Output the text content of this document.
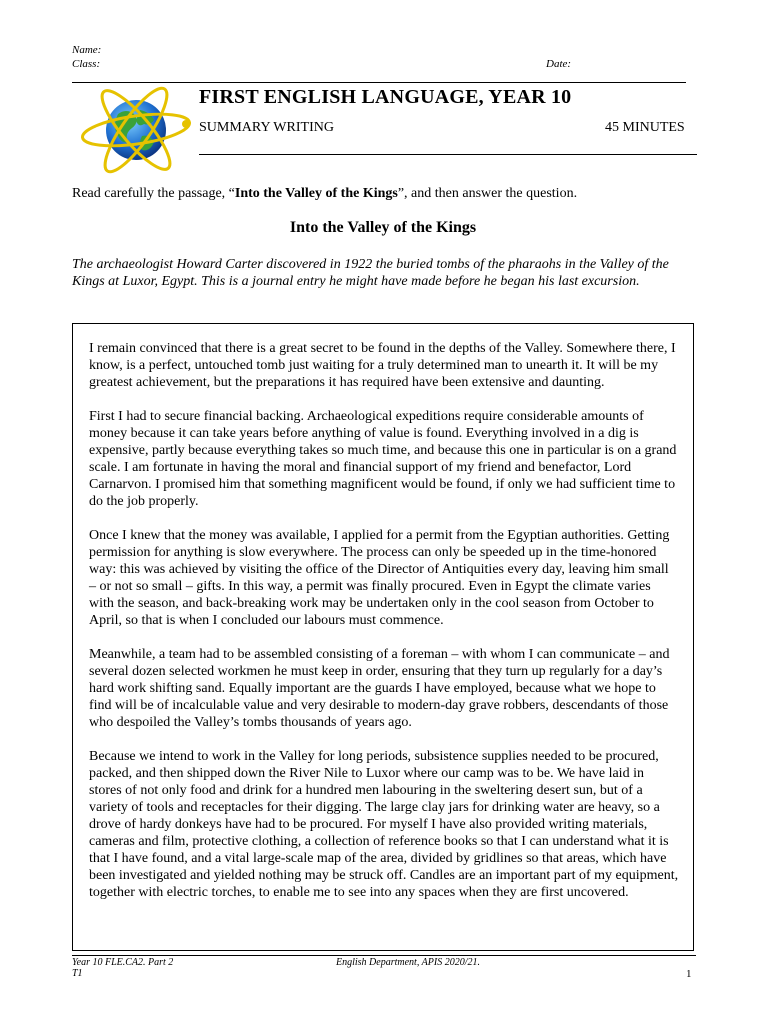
Name:
Class:	Date:
FIRST ENGLISH LANGUAGE, YEAR 10
SUMMARY WRITING	45 MINUTES
Read carefully the passage, “Into the Valley of the Kings”, and then answer the question.
Into the Valley of the Kings
The archaeologist Howard Carter discovered in 1922 the buried tombs of the pharaohs in the Valley of the Kings at Luxor, Egypt. This is a journal entry he might have made before he began his last excursion.

I remain convinced that there is a great secret to be found in the depths of the Valley. Somewhere there, I know, is a perfect, untouched tomb just waiting for a truly determined man to unearth it. It will be my greatest achievement, but the preparations it has required have been extensive and daunting.

First I had to secure financial backing. Archaeological expeditions require considerable amounts of money because it can take years before anything of value is found. Everything involved in a dig is expensive, partly because everything takes so much time, and because this one in particular is on a grand scale. I am fortunate in having the moral and financial support of my friend and benefactor, Lord Carnarvon. I promised him that something magnificent would be found, if only we had sufficient time to do the job properly.

Once I knew that the money was available, I applied for a permit from the Egyptian authorities. Getting permission for anything is slow everywhere. The process can only be speeded up in the time-honored way: this was achieved by visiting the office of the Director of Antiquities every day, leaving him small – or not so small – gifts. In this way, a permit was finally procured. Even in Egypt the climate varies with the season, and back-breaking work may be undertaken only in the cool season from October to April, so that is when I concluded our labours must commence.

Meanwhile, a team had to be assembled consisting of a foreman – with whom I can communicate – and several dozen selected workmen he must keep in order, ensuring that they turn up regularly for a day’s hard work shifting sand. Equally important are the guards I have employed, because what we hope to find will be of incalculable value and very desirable to modern-day grave robbers, descendants of those who despoiled the Valley’s tombs thousands of years ago.

Because we intend to work in the Valley for long periods, subsistence supplies needed to be procured, packed, and then shipped down the River Nile to Luxor where our camp was to be. We have laid in stores of not only food and drink for a hundred men labouring in the sweltering desert sun, but of a variety of tools and receptacles for their digging. The large clay jars for drinking water are heavy, so a drove of hardy donkeys have had to be procured. For myself I have also provided writing materials, cameras and film, protective clothing, a collection of reference books so that I can understand what it is that I have found, and a vital large-scale map of the area, divided by gridlines so that areas, which have been investigated and yielded nothing may be struck off. Candles are an important part of my equipment, together with electric torches, to enable me to see into any spaces when they are first uncovered.

Year 10 FLE.CA2. Part 2
T1
English Department, APIS 2020/21.
1
